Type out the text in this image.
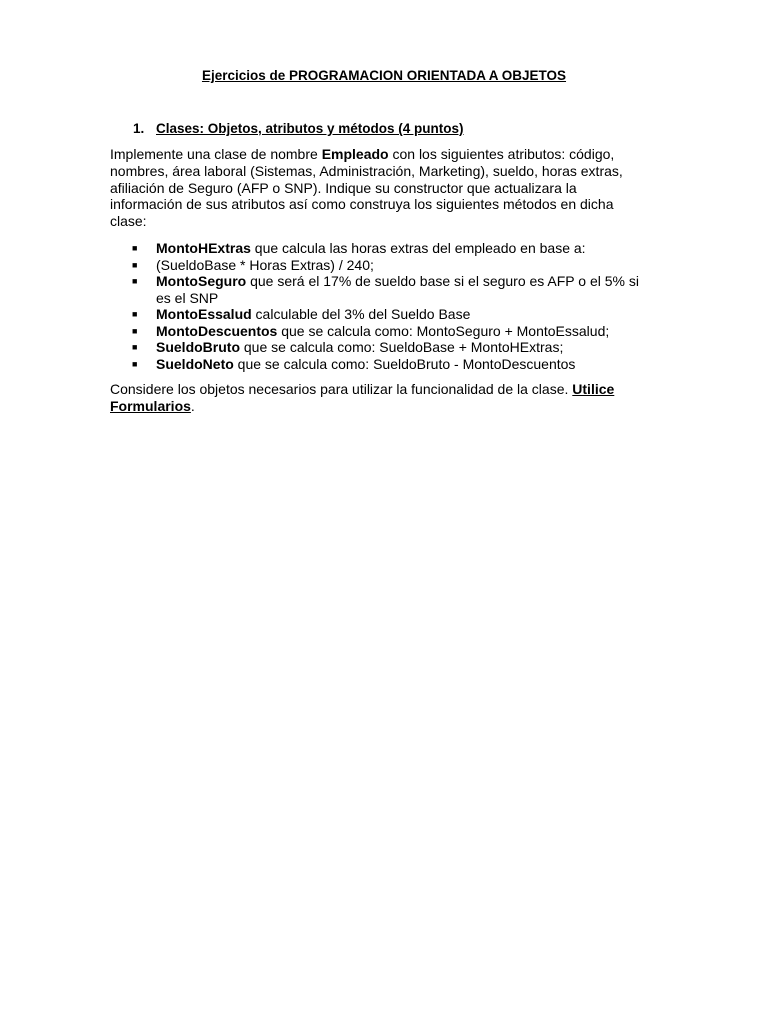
Ejercicios de PROGRAMACION ORIENTADA A OBJETOS
1. Clases: Objetos, atributos y métodos (4 puntos)
Implemente una clase de nombre Empleado con los siguientes atributos: código, nombres, área laboral (Sistemas, Administración, Marketing), sueldo, horas extras, afiliación de Seguro (AFP o SNP). Indique su constructor que actualizara la información de sus atributos así como construya los siguientes métodos en dicha clase:
■ MontoHExtras que calcula las horas extras del empleado en base a:
■ (SueldoBase * Horas Extras) / 240;
■ MontoSeguro que será el 17% de sueldo base si el seguro es AFP o el 5% si es el SNP
■ MontoEssalud calculable del 3% del Sueldo Base
■ MontoDescuentos que se calcula como: MontoSeguro + MontoEssalud;
■ SueldoBruto que se calcula como: SueldoBase + MontoHExtras;
■ SueldoNeto que se calcula como: SueldoBruto - MontoDescuentos
Considere los objetos necesarios para utilizar la funcionalidad de la clase. Utilice Formularios.
